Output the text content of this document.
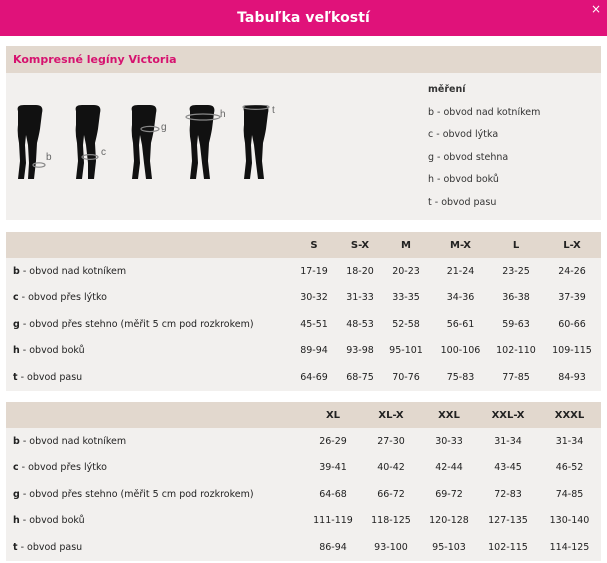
Tabuľka veľkostí
×
Kompresné legíny Victoria
b	c
g
h	t
měření
b - obvod nad kotníkem
c - obvod lýtka
g - obvod stehna
h - obvod boků
t - obvod pasu
	S	S-X	M	M-X	L	L-X
b - obvod nad kotníkem	17-19	18-20	20-23	21-24	23-25	24-26
c - obvod přes lýtko	30-32	31-33	33-35	34-36	36-38	37-39
g - obvod přes stehno (měřit 5 cm pod rozkrokem)	45-51	48-53	52-58	56-61	59-63	60-66
h - obvod boků	89-94	93-98	95-101	100-106	102-110	109-115
t - obvod pasu	64-69	68-75	70-76	75-83	77-85	84-93
	XL	XL-X	XXL	XXL-X	XXXL
b - obvod nad kotníkem	26-29	27-30	30-33	31-34	31-34
c - obvod přes lýtko	39-41	40-42	42-44	43-45	46-52
g - obvod přes stehno (měřit 5 cm pod rozkrokem)	64-68	66-72	69-72	72-83	74-85
h - obvod boků	111-119	118-125	120-128	127-135	130-140
t - obvod pasu	86-94	93-100	95-103	102-115	114-125
